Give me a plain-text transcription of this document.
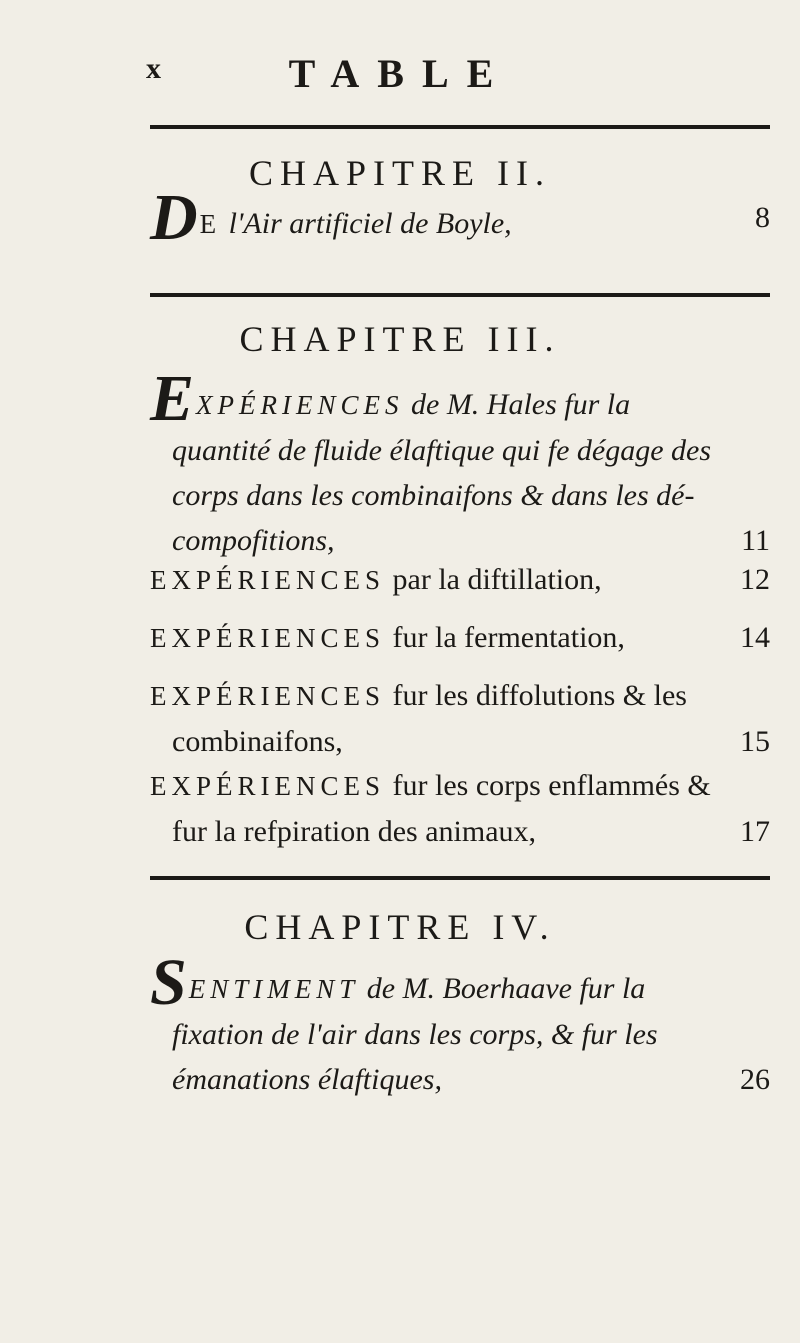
x	TABLE
CHAPITRE II.
DE l'Air artificiel de Boyle,	8
CHAPITRE III.
EXPÉRIENCES de M. Hales fur la
quantité de fluide élaftique qui fe dégage des
corps dans les combinaifons & dans les dé-
compofitions,	11
EXPÉRIENCES par la diftillation,	12
EXPÉRIENCES fur la fermentation,	14
EXPÉRIENCES fur les diffolutions & les
combinaifons,	15
EXPÉRIENCES fur les corps enflammés &
fur la refpiration des animaux,	17
CHAPITRE IV.
SENTIMENT de M. Boerhaave fur la
fixation de l'air dans les corps, & fur les
émanations élaftiques,	26
